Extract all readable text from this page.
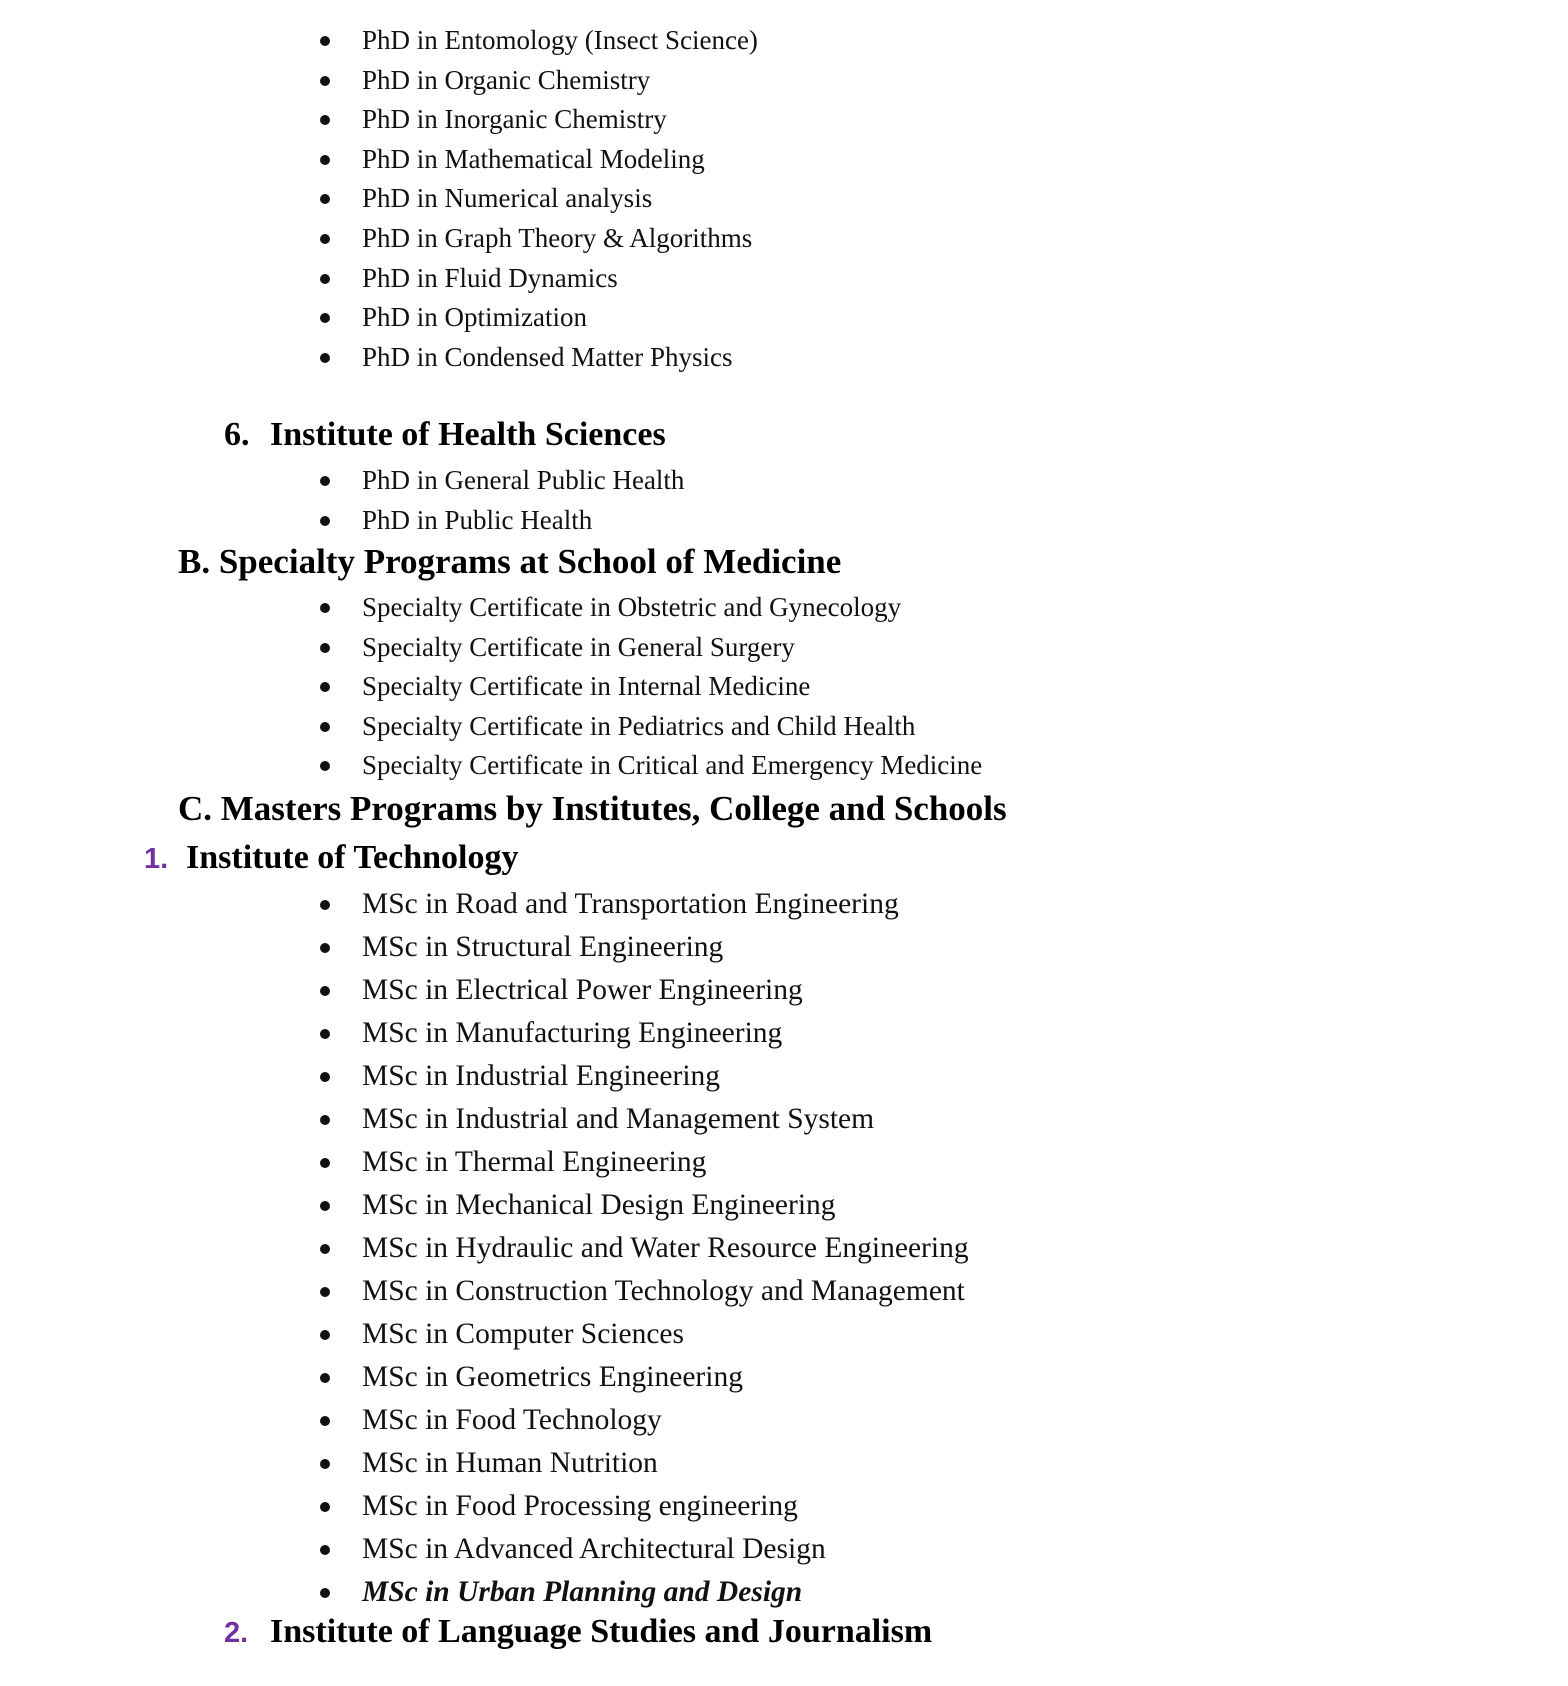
PhD in Entomology (Insect Science)
PhD in Organic Chemistry
PhD in Inorganic Chemistry
PhD in Mathematical Modeling
PhD in Numerical analysis
PhD in Graph Theory & Algorithms
PhD in Fluid Dynamics
PhD in Optimization
PhD in Condensed Matter Physics
6. Institute of Health Sciences
PhD in General Public Health
PhD in Public Health
B. Specialty Programs at School of Medicine
Specialty Certificate in Obstetric and Gynecology
Specialty Certificate in General Surgery
Specialty Certificate in Internal Medicine
Specialty Certificate in Pediatrics and Child Health
Specialty Certificate in Critical and Emergency Medicine
C. Masters Programs by Institutes, College and Schools
1. Institute of Technology
MSc in Road and Transportation Engineering
MSc in Structural Engineering
MSc in Electrical Power Engineering
MSc in Manufacturing Engineering
MSc in Industrial Engineering
MSc in Industrial and Management System
MSc in Thermal Engineering
MSc in Mechanical Design Engineering
MSc in Hydraulic and Water Resource Engineering
MSc in Construction Technology and Management
MSc in Computer Sciences
MSc in Geometrics Engineering
MSc in Food Technology
MSc in Human Nutrition
MSc in Food Processing engineering
MSc in Advanced Architectural Design
MSc in Urban Planning and Design
2. Institute of Language Studies and Journalism
